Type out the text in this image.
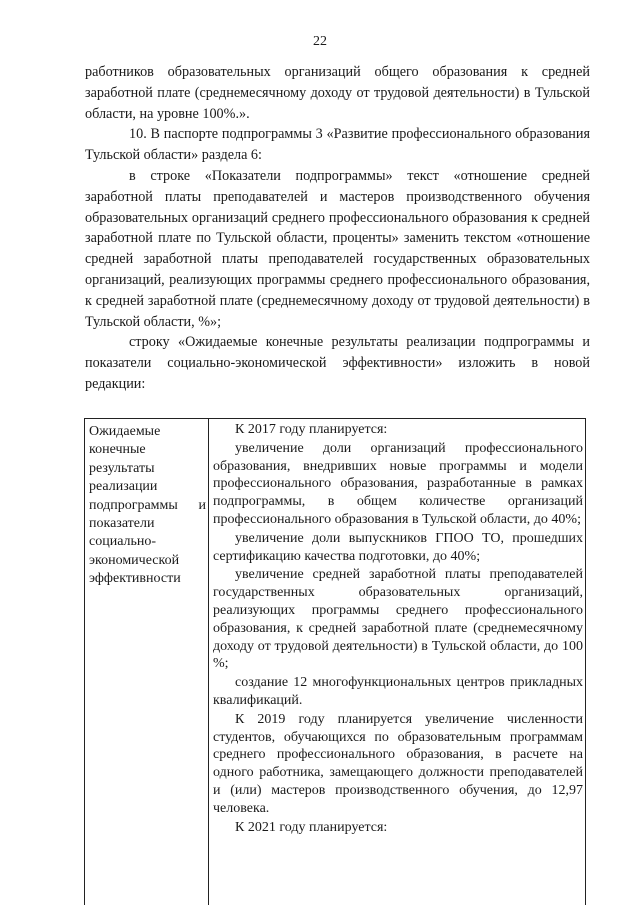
22

работников образовательных организаций общего образования к средней заработной плате (среднемесячному доходу от трудовой деятельности) в Тульской области, на уровне 100%.».

10. В паспорте подпрограммы 3 «Развитие профессионального образования Тульской области» раздела 6:

в строке «Показатели подпрограммы» текст «отношение средней заработной платы преподавателей и мастеров производственного обучения образовательных организаций среднего профессионального образования к средней заработной плате по Тульской области, проценты» заменить текстом «отношение средней заработной платы преподавателей государственных образовательных организаций, реализующих программы среднего профессионального образования, к средней заработной плате (среднемесячному доходу от трудовой деятельности) в Тульской области, %»;

строку «Ожидаемые конечные результаты реализации подпрограммы и показатели социально-экономической эффективности» изложить в новой редакции:

Ожидаемые конечные результаты реализации подпрограммы и показатели социально-экономической эффективности

К 2017 году планируется:

увеличение доли организаций профессионального образования, внедривших новые программы и модели профессионального образования, разработанные в рамках подпрограммы, в общем количестве организаций профессионального образования в Тульской области, до 40%;

увеличение доли выпускников ГПОО ТО, прошедших сертификацию качества подготовки, до 40%;

увеличение средней заработной платы преподавателей государственных образовательных организаций, реализующих программы среднего профессионального образования, к средней заработной плате (среднемесячному доходу от трудовой деятельности) в Тульской области, до 100 %;

создание 12 многофункциональных центров прикладных квалификаций.

К 2019 году планируется увеличение численности студентов, обучающихся по образовательным программам среднего профессионального образования, в расчете на одного работника, замещающего должности преподавателей и (или) мастеров производственного обучения, до 12,97 человека.

К 2021 году планируется:
